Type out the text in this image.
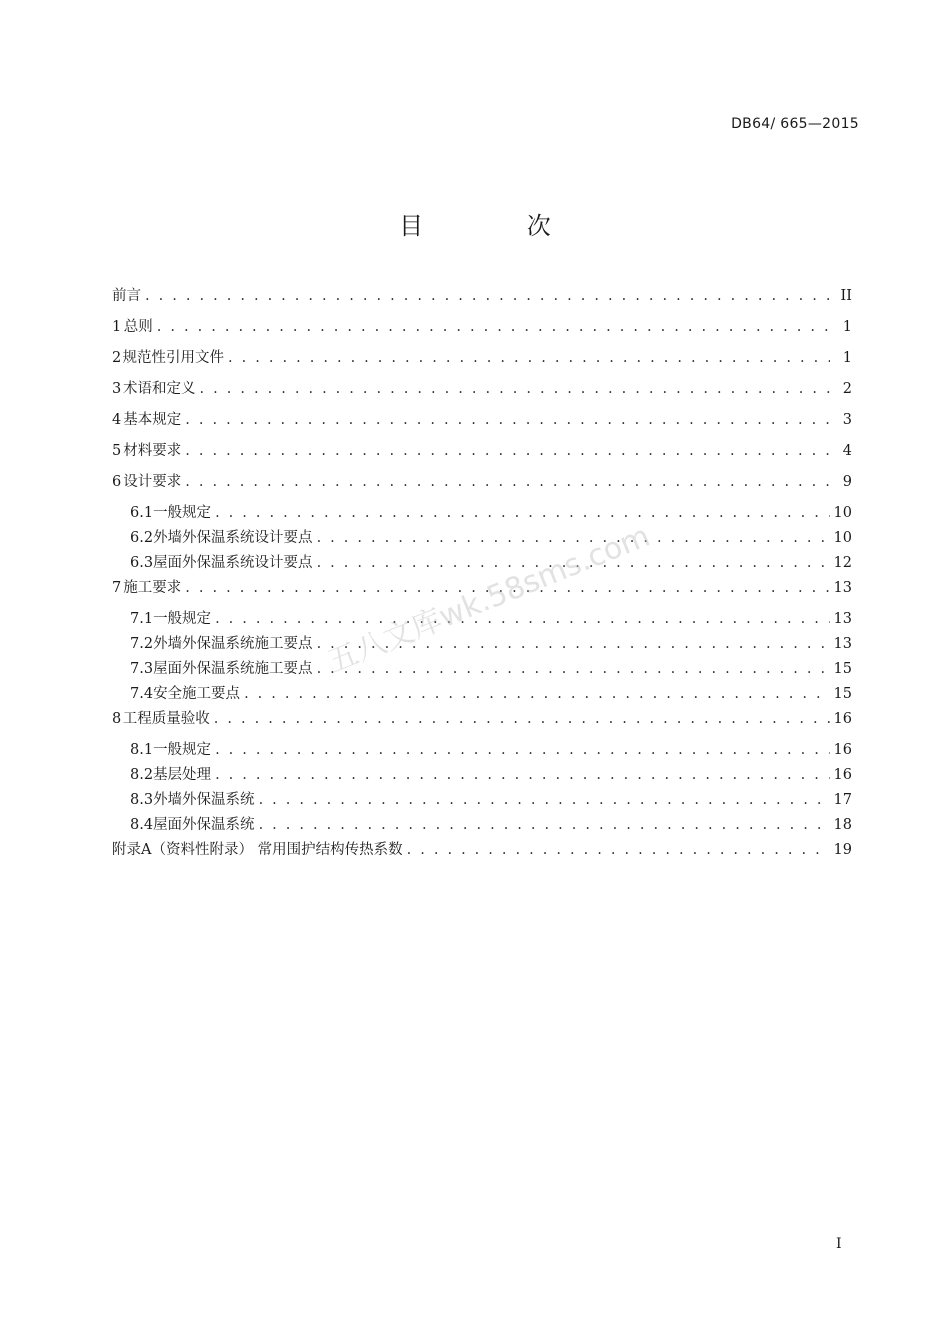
DB64/ 665—2015
目 次
前言 . . .	II
1 总则 . . .	1
2 规范性引用文件 . . .	1
3 术语和定义 . . .	2
4 基本规定 . . .	3
5 材料要求 . . .	4
6 设计要求 . . .	9
6.1 一般规定 . . .	10
6.2 外墙外保温系统设计要点 . . .	10
6.3 屋面外保温系统设计要点 . . .	12
7 施工要求 . . .	13
7.1 一般规定 . . .	13
7.2 外墙外保温系统施工要点 . . .	13
7.3 屋面外保温系统施工要点 . . .	15
7.4 安全施工要点 . . .	15
8 工程质量验收 . . .	16
8.1 一般规定 . . .	16
8.2 基层处理 . . .	16
8.3 外墙外保温系统 . . .	17
8.4 屋面外保温系统 . . .	18
附录A（资料性附录） 常用围护结构传热系数 . . .	19
五八文库wk.58sms.com
I
